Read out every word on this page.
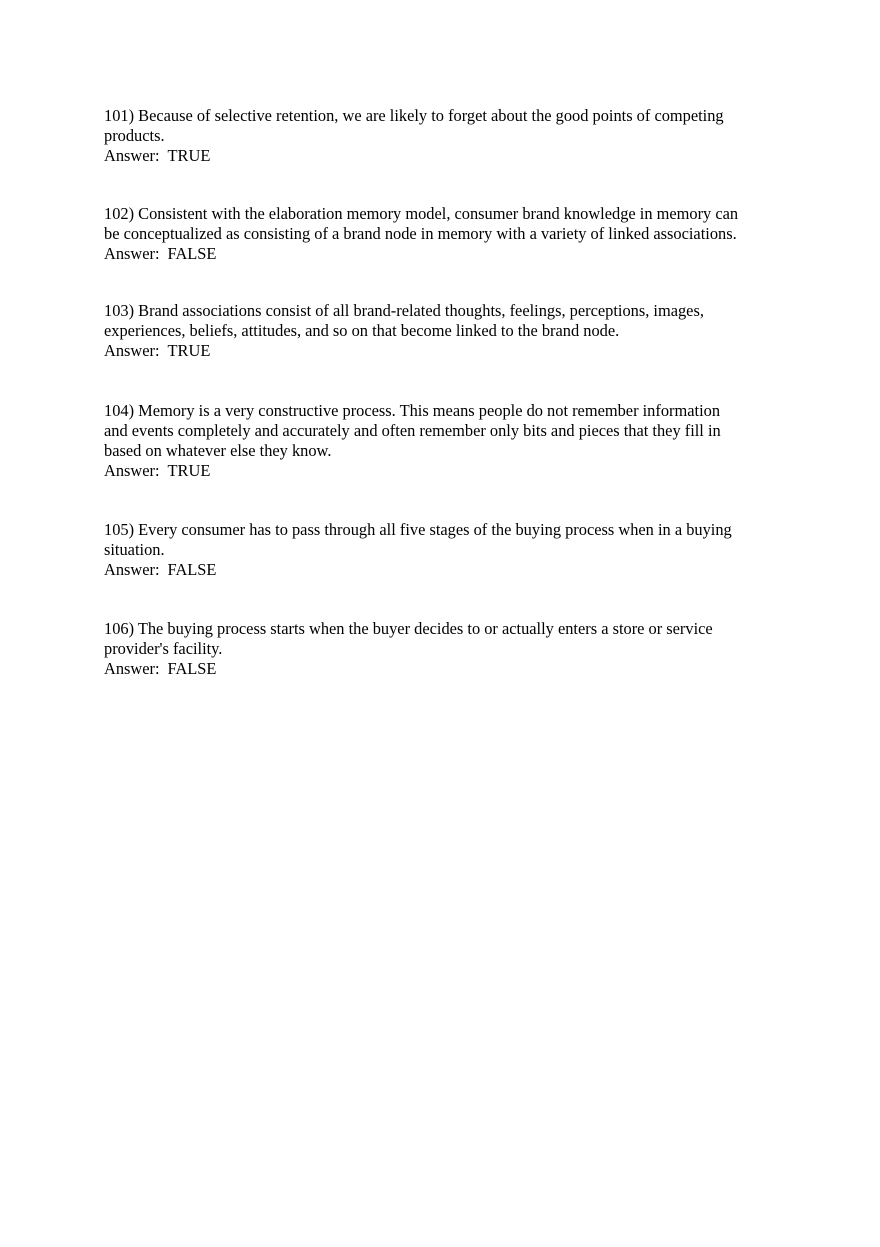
101) Because of selective retention, we are likely to forget about the good points of competing
products.
Answer: TRUE
102) Consistent with the elaboration memory model, consumer brand knowledge in memory can
be conceptualized as consisting of a brand node in memory with a variety of linked associations.
Answer: FALSE
103) Brand associations consist of all brand-related thoughts, feelings, perceptions, images,
experiences, beliefs, attitudes, and so on that become linked to the brand node.
Answer: TRUE
104) Memory is a very constructive process. This means people do not remember information
and events completely and accurately and often remember only bits and pieces that they fill in
based on whatever else they know.
Answer: TRUE
105) Every consumer has to pass through all five stages of the buying process when in a buying
situation.
Answer: FALSE
106) The buying process starts when the buyer decides to or actually enters a store or service
provider's facility.
Answer: FALSE
